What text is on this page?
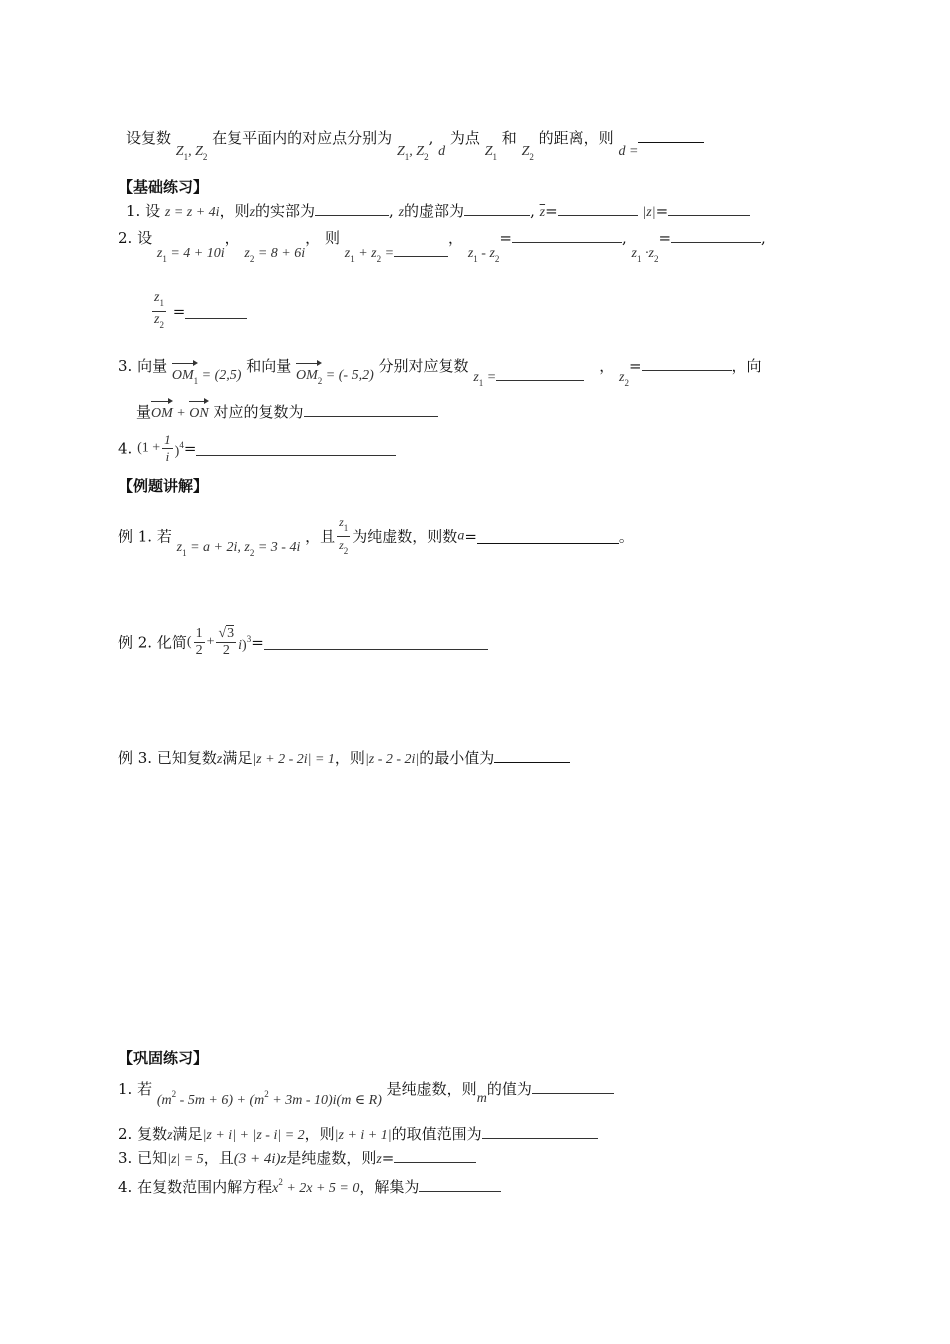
设复数 $Z_1$, $Z_2$ 在复平面内的对应点分别为 $Z_1$, $Z_2$, d 为点 $Z_1$ 和 $Z_2$ 的距离，则 d =
【基础练习】
1. 设 z = z + 4i，则z的实部为	, z的虚部为	, $\overline{z}=$	|z|=
2. 设 $z_1 = 4 + 10i$， $z_2 = 8 + 6i$， 则 $z_1 + z_2$ =， $z_1 - z_2=$	, $z_1 \cdot z_2=$	,
$\frac{z_1}{z_2}$ =
3. 向量 $OM_1 = (2,5)$ 和向量 $OM_2$ = (- 5,2) 分别对应复数 $z_1$ =　， $z_2=$	，向
量OM + ON 对应的复数为
4. $(1 + \frac{1}{i} )^4=$
【例题讲解】
例 1. 若 $z_1 = a + 2i$, $z_2 = 3 - 4i$ ，且 $\frac{z_1}{z_2}$ 为纯虚数，则数a=	。
例 2. 化简( $\frac{1}{2} + \frac{√3}{2} i)^3=$
例 3. 已知复数z满足|z + 2 - 2i| = 1，则|z - 2 - 2i|的最小值为
【巩固练习】
1. 若 $(m^2 - 5m + 6) + (m^2 + 3m - 10)i(m$ ∈ R) 是纯虚数，则m的值为
2. 复数z满足|z + i| + |z - i| = 2，则|z + i + 1|的取值范围为
3. 已知|z| = 5，且(3 + 4i)z是纯虚数，则z=
4. 在复数范围内解方程$x^2 + 2x + 5 = 0$，解集为
